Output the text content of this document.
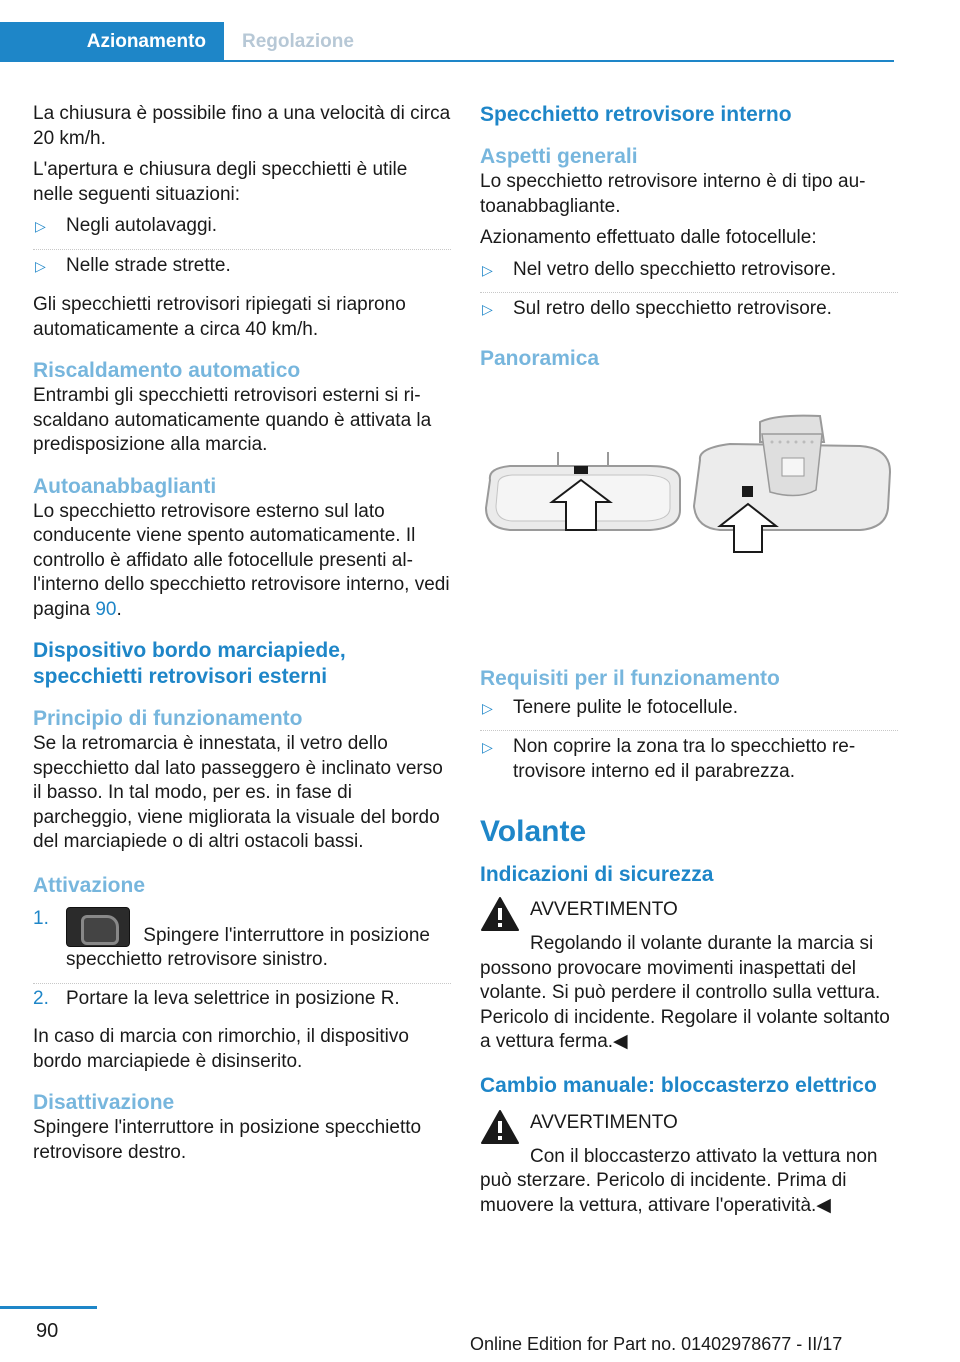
Azionamento	Regolazione

La chiusura è possibile fino a una velocità di circa 20 km/h.

L'apertura e chiusura degli specchietti è utile nelle seguenti situazioni:

▷ Negli autolavaggi.
▷ Nelle strade strette.

Gli specchietti retrovisori ripiegati si riaprono automaticamente a circa 40 km/h.

Riscaldamento automatico

Entrambi gli specchietti retrovisori esterni si riscaldano automaticamente quando è attivata la predisposizione alla marcia.

Autoanabbaglianti

Lo specchietto retrovisore esterno sul lato conducente viene spento automaticamente. Il controllo è affidato alle fotocellule presenti all'interno dello specchietto retrovisore interno, vedi pagina 90.

Dispositivo bordo marciapiede, specchietti retrovisori esterni
Principio di funzionamento

Se la retromarcia è innestata, il vetro dello specchietto dal lato passeggero è inclinato verso il basso. In tal modo, per es. in fase di parcheggio, viene migliorata la visuale del bordo del marciapiede o di altri ostacoli bassi.

Attivazione
1.
Spingere l'interruttore in posizione specchietto retrovisore sinistro.
2. Portare la leva selettrice in posizione R.

In caso di marcia con rimorchio, il dispositivo bordo marciapiede è disinserito.

Disattivazione

Spingere l'interruttore in posizione specchietto retrovisore destro.

Specchietto retrovisore interno
Aspetti generali

Lo specchietto retrovisore interno è di tipo autoanabbagliante.

Azionamento effettuato dalle fotocellule:

▷ Nel vetro dello specchietto retrovisore.
▷ Sul retro dello specchietto retrovisore.
Panoramica
Requisiti per il funzionamento
▷ Tenere pulite le fotocellule.
▷ Non coprire la zona tra lo specchietto retrovisore interno ed il parabrezza.
Volante
Indicazioni di sicurezza
AVVERTIMENTO

Regolando il volante durante la marcia si possono provocare movimenti inaspettati del volante. Si può perdere il controllo sulla vettura. Pericolo di incidente. Regolare il volante soltanto a vettura ferma.◀

Cambio manuale: bloccasterzo elettrico
AVVERTIMENTO

Con il bloccasterzo attivato la vettura non può sterzare. Pericolo di incidente. Prima di muovere la vettura, attivare l'operatività.◀

90
Online Edition for Part no. 01402978677 - II/17
